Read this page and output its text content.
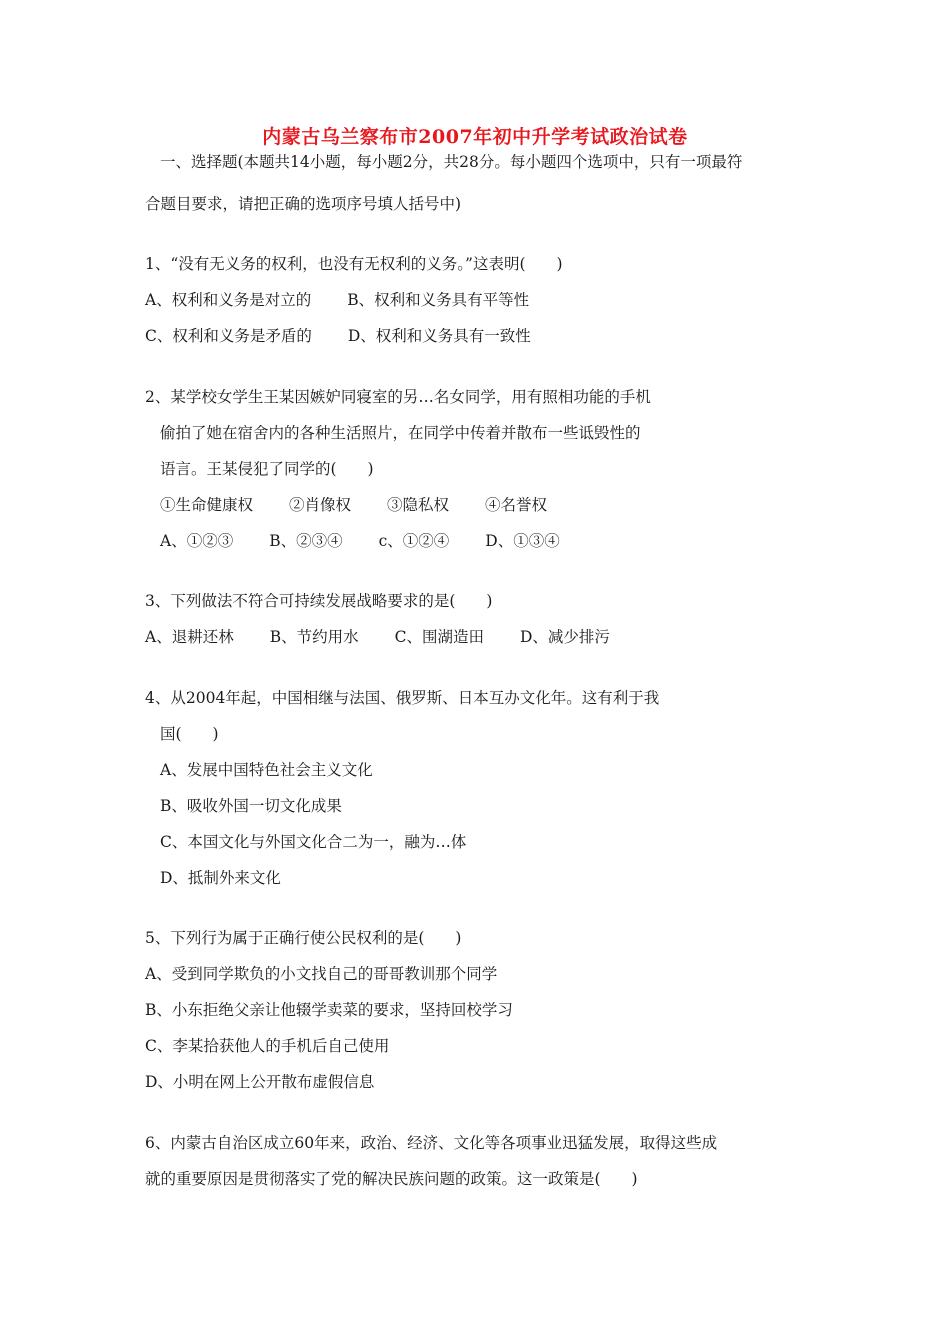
内蒙古乌兰察布市2007年初中升学考试政治试卷
一、选择题(本题共14小题，每小题2分，共28分。每小题四个选项中，只有一项最符
合题目要求，请把正确的选项序号填人括号中)
1、“没有无义务的权利，也没有无权利的义务。”这表明(　　)
A、权利和义务是对立的 B、权利和义务具有平等性
C、权利和义务是矛盾的 D、权利和义务具有一致性
2、某学校女学生王某因嫉妒同寝室的另…名女同学，用有照相功能的手机
偷拍了她在宿舍内的各种生活照片，在同学中传着并散布一些诋毁性的
语言。王某侵犯了同学的(　　)
①生命健康权 ②肖像权 ③隐私权 ④名誉权
A、①②③ B、②③④ c、①②④ D、①③④
3、下列做法不符合可持续发展战略要求的是(　　)
A、退耕还林 B、节约用水 C、围湖造田 D、减少排污
4、从2004年起，中国相继与法国、俄罗斯、日本互办文化年。这有利于我
国(　　)
A、发展中国特色社会主义文化
B、吸收外国一切文化成果
C、本国文化与外国文化合二为一，融为…体
D、抵制外来文化
5、下列行为属于正确行使公民权利的是(　　)
A、受到同学欺负的小文找自己的哥哥教训那个同学
B、小东拒绝父亲让他辍学卖菜的要求，坚持回校学习
C、李某拾获他人的手机后自己使用
D、小明在网上公开散布虚假信息
6、内蒙古自治区成立60年来，政治、经济、文化等各项事业迅猛发展，取得这些成
就的重要原因是贯彻落实了党的解决民族问题的政策。这一政策是(　　)
